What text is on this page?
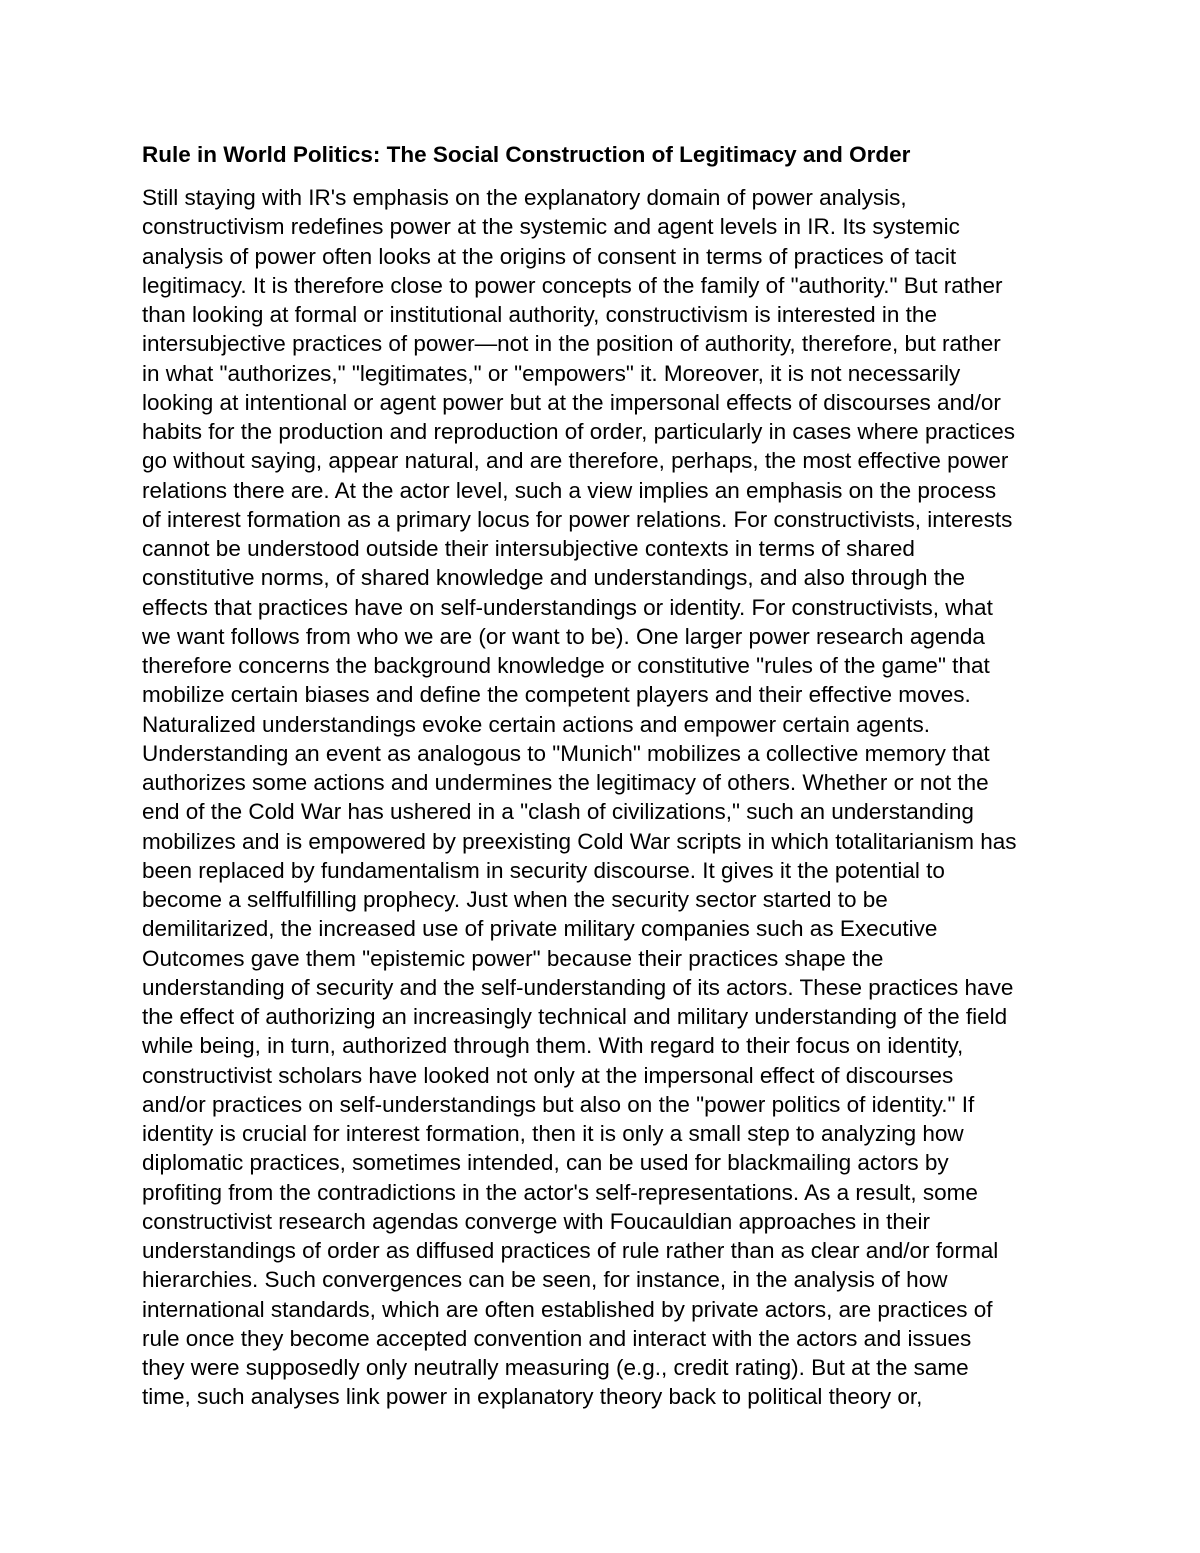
Rule in World Politics: The Social Construction of Legitimacy and Order
Still staying with IR's emphasis on the explanatory domain of power analysis,
constructivism redefines power at the systemic and agent levels in IR. Its systemic
analysis of power often looks at the origins of consent in terms of practices of tacit
legitimacy. It is therefore close to power concepts of the family of "authority." But rather
than looking at formal or institutional authority, constructivism is interested in the
intersubjective practices of power—not in the position of authority, therefore, but rather
in what "authorizes," "legitimates," or "empowers" it. Moreover, it is not necessarily
looking at intentional or agent power but at the impersonal effects of discourses and/or
habits for the production and reproduction of order, particularly in cases where practices
go without saying, appear natural, and are therefore, perhaps, the most effective power
relations there are. At the actor level, such a view implies an emphasis on the process
of interest formation as a primary locus for power relations. For constructivists, interests
cannot be understood outside their intersubjective contexts in terms of shared
constitutive norms, of shared knowledge and understandings, and also through the
effects that practices have on self-understandings or identity. For constructivists, what
we want follows from who we are (or want to be). One larger power research agenda
therefore concerns the background knowledge or constitutive "rules of the game" that
mobilize certain biases and define the competent players and their effective moves.
Naturalized understandings evoke certain actions and empower certain agents.
Understanding an event as analogous to "Munich" mobilizes a collective memory that
authorizes some actions and undermines the legitimacy of others. Whether or not the
end of the Cold War has ushered in a "clash of civilizations," such an understanding
mobilizes and is empowered by preexisting Cold War scripts in which totalitarianism has
been replaced by fundamentalism in security discourse. It gives it the potential to
become a selffulfilling prophecy. Just when the security sector started to be
demilitarized, the increased use of private military companies such as Executive
Outcomes gave them "epistemic power" because their practices shape the
understanding of security and the self-understanding of its actors. These practices have
the effect of authorizing an increasingly technical and military understanding of the field
while being, in turn, authorized through them. With regard to their focus on identity,
constructivist scholars have looked not only at the impersonal effect of discourses
and/or practices on self-understandings but also on the "power politics of identity." If
identity is crucial for interest formation, then it is only a small step to analyzing how
diplomatic practices, sometimes intended, can be used for blackmailing actors by
profiting from the contradictions in the actor's self-representations. As a result, some
constructivist research agendas converge with Foucauldian approaches in their
understandings of order as diffused practices of rule rather than as clear and/or formal
hierarchies. Such convergences can be seen, for instance, in the analysis of how
international standards, which are often established by private actors, are practices of
rule once they become accepted convention and interact with the actors and issues
they were supposedly only neutrally measuring (e.g., credit rating). But at the same
time, such analyses link power in explanatory theory back to political theory or,
